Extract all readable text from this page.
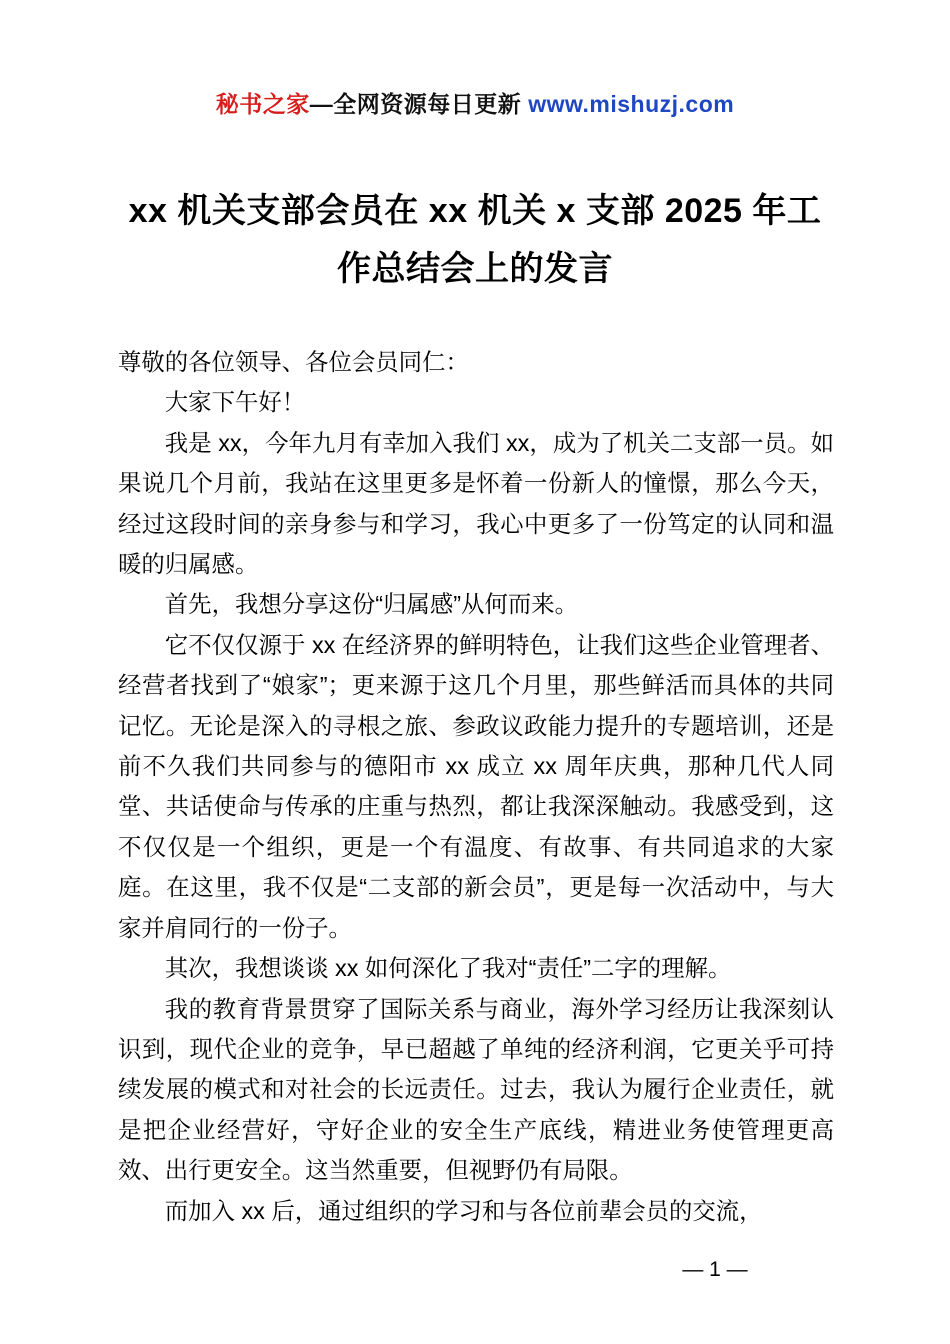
秘书之家—全网资源每日更新 www.mishuzj.com
xx 机关支部会员在 xx 机关 x 支部 2025 年工作总结会上的发言

尊敬的各位领导、各位会员同仁：

大家下午好！

我是 xx，今年九月有幸加入我们 xx，成为了机关二支部一员。如果说几个月前，我站在这里更多是怀着一份新人的憧憬，那么今天，经过这段时间的亲身参与和学习，我心中更多了一份笃定的认同和温暖的归属感。

首先，我想分享这份“归属感”从何而来。

它不仅仅源于 xx 在经济界的鲜明特色，让我们这些企业管理者、经营者找到了“娘家”；更来源于这几个月里，那些鲜活而具体的共同记忆。无论是深入的寻根之旅、参政议政能力提升的专题培训，还是前不久我们共同参与的德阳市 xx 成立 xx 周年庆典，那种几代人同堂、共话使命与传承的庄重与热烈，都让我深深触动。我感受到，这不仅仅是一个组织，更是一个有温度、有故事、有共同追求的大家庭。在这里，我不仅是“二支部的新会员”，更是每一次活动中，与大家并肩同行的一份子。

其次，我想谈谈 xx 如何深化了我对“责任”二字的理解。

我的教育背景贯穿了国际关系与商业，海外学习经历让我深刻认识到，现代企业的竞争，早已超越了单纯的经济利润，它更关乎可持续发展的模式和对社会的长远责任。过去，我认为履行企业责任，就是把企业经营好，守好企业的安全生产底线，精进业务使管理更高效、出行更安全。这当然重要，但视野仍有局限。

而加入 xx 后，通过组织的学习和与各位前辈会员的交流，

— 1 —
